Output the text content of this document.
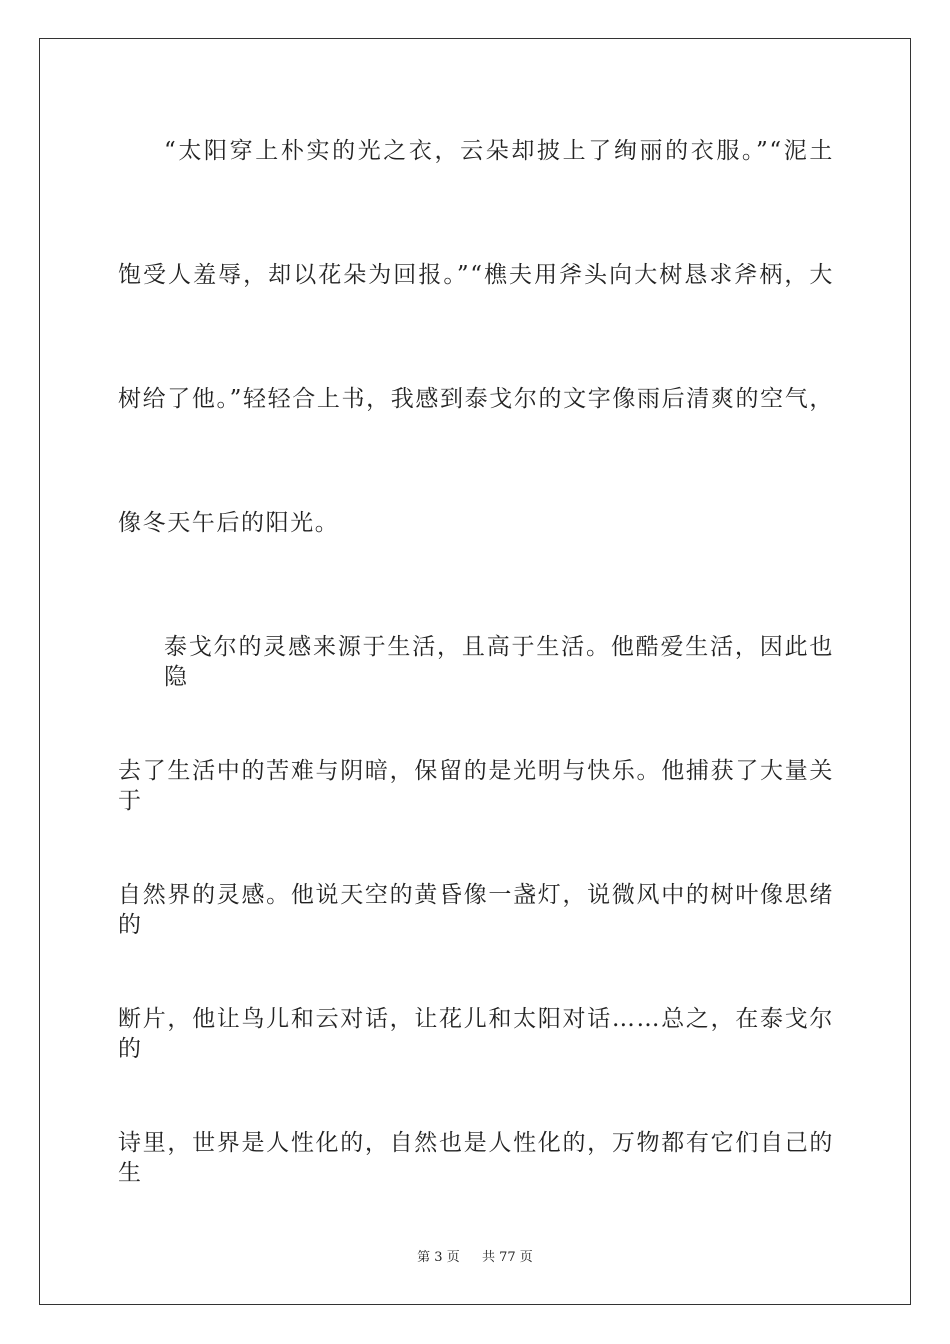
“太阳穿上朴实的光之衣，云朵却披上了绚丽的衣服。”“泥土
饱受人羞辱，却以花朵为回报。”“樵夫用斧头向大树恳求斧柄，大
树给了他。”轻轻合上书，我感到泰戈尔的文字像雨后清爽的空气，
像冬天午后的阳光。
泰戈尔的灵感来源于生活，且高于生活。他酷爱生活，因此也隐
去了生活中的苦难与阴暗，保留的是光明与快乐。他捕获了大量关于
自然界的灵感。他说天空的黄昏像一盏灯，说微风中的树叶像思绪的
断片，他让鸟儿和云对话，让花儿和太阳对话……总之，在泰戈尔的
诗里，世界是人性化的，自然也是人性化的，万物都有它们自己的生
第 3 页 共 77 页
